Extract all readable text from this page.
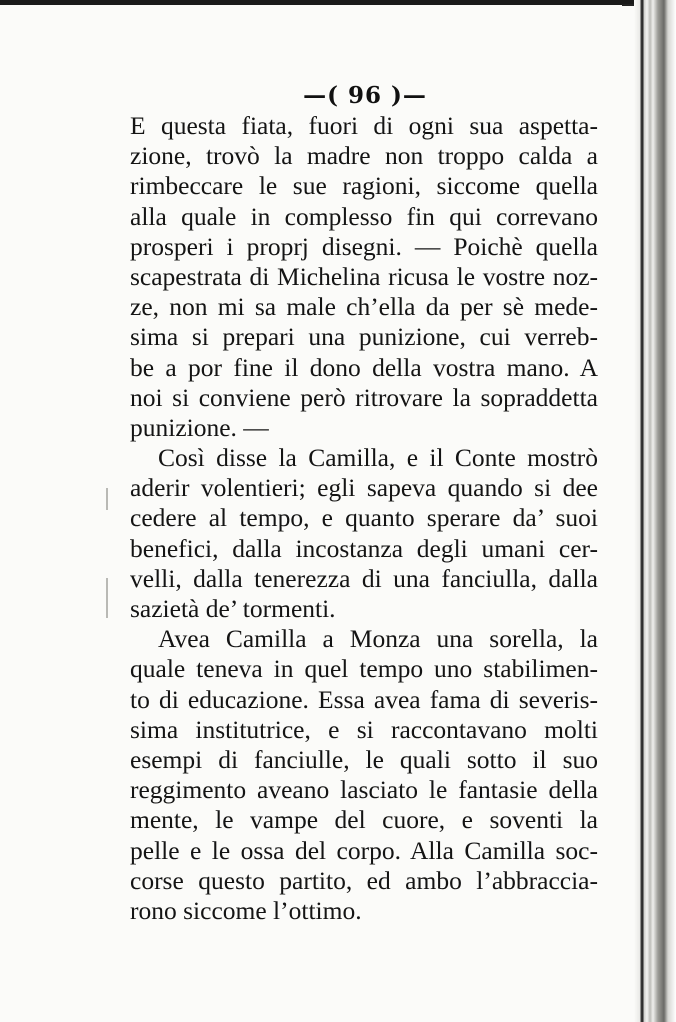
—( 96 )—
E questa fiata, fuori di ogni sua aspetta-
zione, trovò la madre non troppo calda a
rimbeccare le sue ragioni, siccome quella
alla quale in complesso fin qui correvano
prosperi i proprj disegni. — Poichè quella
scapestrata di Michelina ricusa le vostre noz-
ze, non mi sa male ch’ella da per sè mede-
sima si prepari una punizione, cui verreb-
be a por fine il dono della vostra mano. A
noi si conviene però ritrovare la sopraddetta
punizione. —
Così disse la Camilla, e il Conte mostrò
aderir volentieri; egli sapeva quando si dee
cedere al tempo, e quanto sperare da’ suoi
benefici, dalla incostanza degli umani cer-
velli, dalla tenerezza di una fanciulla, dalla
sazietà de’ tormenti.
Avea Camilla a Monza una sorella, la
quale teneva in quel tempo uno stabilimen-
to di educazione. Essa avea fama di severis-
sima institutrice, e si raccontavano molti
esempi di fanciulle, le quali sotto il suo
reggimento aveano lasciato le fantasie della
mente, le vampe del cuore, e soventi la
pelle e le ossa del corpo. Alla Camilla soc-
corse questo partito, ed ambo l’abbraccia-
rono siccome l’ottimo.
